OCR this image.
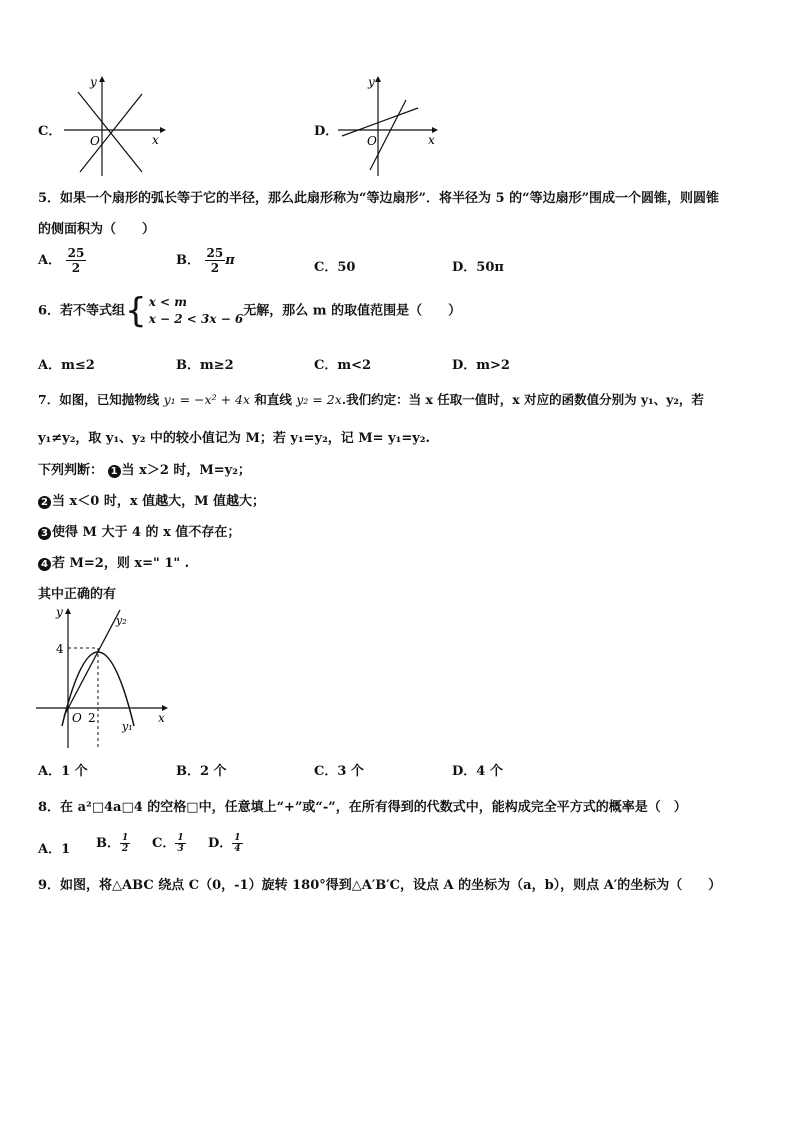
C．
y
x
O
D．
y
x
O
5．如果一个扇形的弧长等于它的半径，那么此扇形称为“等边扇形”．将半径为 5 的“等边扇形”围成一个圆锥，则圆锥
的侧面积为（　　）
A． $\frac{25}{2}$	B． $\frac{25}{2}$ π	C．50	D．50π
6．若不等式组 { x < m
x − 2 < 3x − 6
无解，那么 m 的取值范围是（　　）
A．m≤2	B．m≥2	C．m<2	D．m>2
7．如图，已知抛物线 y₁ = −x² + 4x 和直线 y₂ = 2x.我们约定：当 x 任取一值时，x 对应的函数值分别为 y₁、y₂，若
y₁≠y₂，取 y₁、y₂ 中的较小值记为 M；若 y₁=y₂，记 M= y₁=y₂.
下列判断： 1 当 x＞2 时，M=y₂；
2 当 x＜0 时，x 值越大，M 值越大；
3 使得 M 大于 4 的 x 值不存在；
4 若 M=2，则 x=" 1" .
其中正确的有
y
x
O
4
2
y₂
y₁
A．1 个	B．2 个	C．3 个	D．4 个
8．在 a²□4a□4 的空格□中，任意填上“+”或“-”，在所有得到的代数式中，能构成完全平方式的概率是（　）
A．1 B． $\frac{1}{2}$ C． $\frac{1}{3}$ D． $\frac{1}{4}$
9．如图，将△ABC 绕点 C（0，-1）旋转 180°得到△A′B′C，设点 A 的坐标为（a，b），则点 A′的坐标为（　　）
